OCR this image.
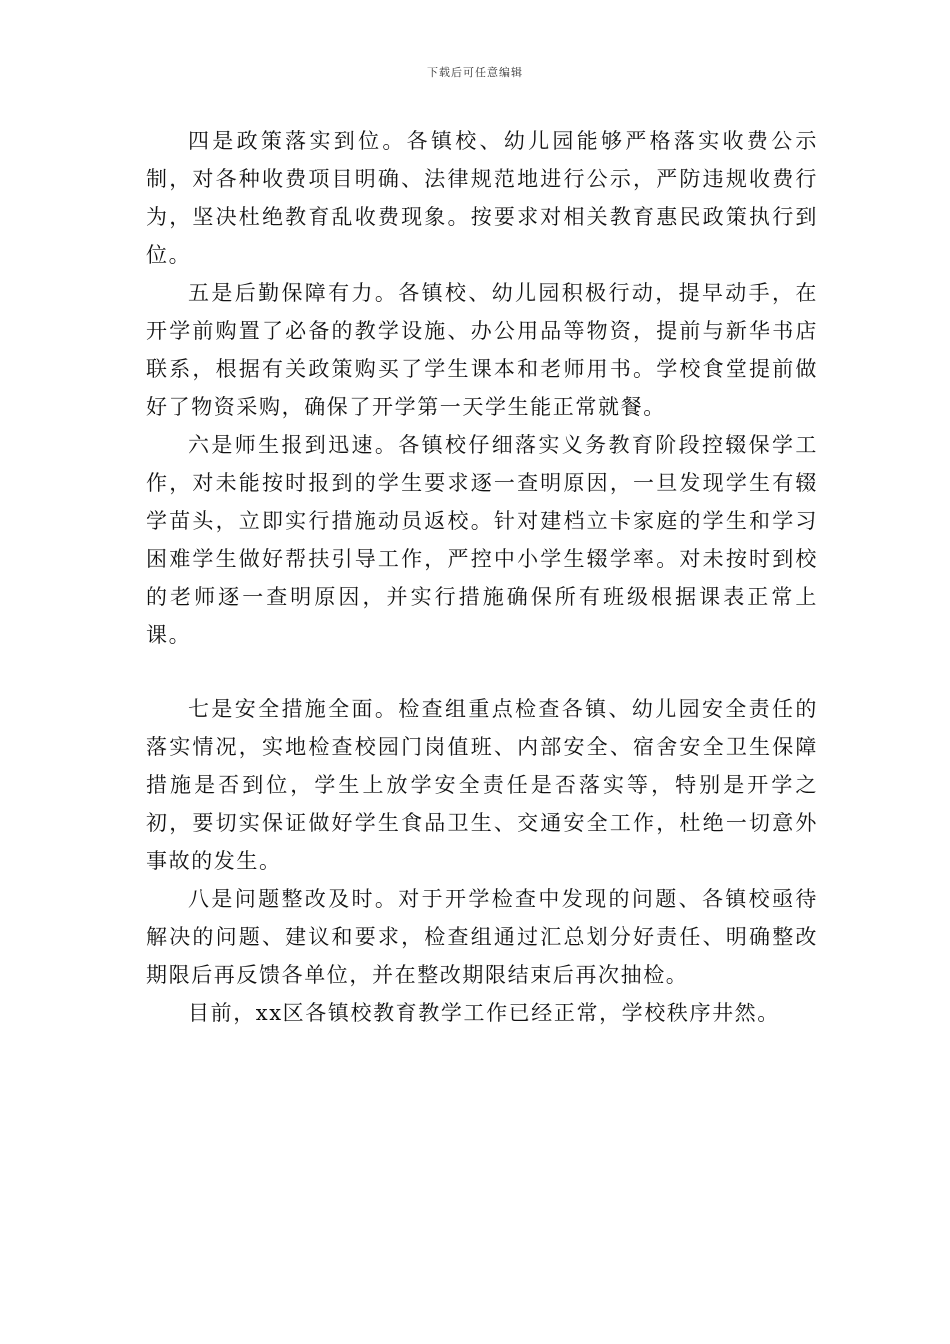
下载后可任意编辑

四是政策落实到位。各镇校、幼儿园能够严格落实收费公示制，对各种收费项目明确、法律规范地进行公示，严防违规收费行为，坚决杜绝教育乱收费现象。按要求对相关教育惠民政策执行到位。

五是后勤保障有力。各镇校、幼儿园积极行动，提早动手，在开学前购置了必备的教学设施、办公用品等物资，提前与新华书店联系，根据有关政策购买了学生课本和老师用书。学校食堂提前做好了物资采购，确保了开学第一天学生能正常就餐。

六是师生报到迅速。各镇校仔细落实义务教育阶段控辍保学工作，对未能按时报到的学生要求逐一查明原因，一旦发现学生有辍学苗头，立即实行措施动员返校。针对建档立卡家庭的学生和学习困难学生做好帮扶引导工作，严控中小学生辍学率。对未按时到校的老师逐一查明原因，并实行措施确保所有班级根据课表正常上课。

七是安全措施全面。检查组重点检查各镇、幼儿园安全责任的落实情况，实地检查校园门岗值班、内部安全、宿舍安全卫生保障措施是否到位，学生上放学安全责任是否落实等，特别是开学之初，要切实保证做好学生食品卫生、交通安全工作，杜绝一切意外事故的发生。

八是问题整改及时。对于开学检查中发现的问题、各镇校亟待解决的问题、建议和要求，检查组通过汇总划分好责任、明确整改期限后再反馈各单位，并在整改期限结束后再次抽检。

目前，xx区各镇校教育教学工作已经正常，学校秩序井然。
